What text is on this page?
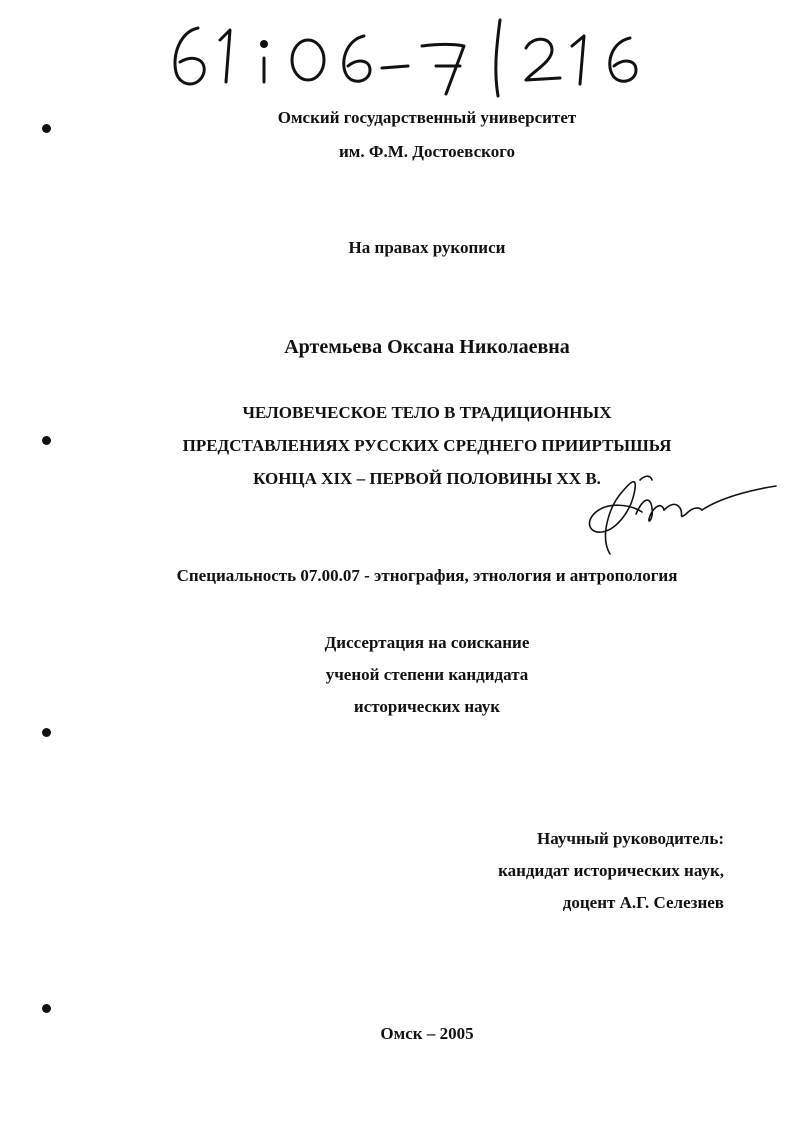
Омский государственный университет
им. Ф.М. Достоевского
На правах рукописи
Артемьева Оксана Николаевна
ЧЕЛОВЕЧЕСКОЕ ТЕЛО В ТРАДИЦИОННЫХ
ПРЕДСТАВЛЕНИЯХ РУССКИХ СРЕДНЕГО ПРИИРТЫШЬЯ
КОНЦА XIX – ПЕРВОЙ ПОЛОВИНЫ XX В.
Специальность 07.00.07 - этнография, этнология и антропология
Диссертация на соискание
ученой степени кандидата
исторических наук
Научный руководитель:
кандидат исторических наук,
доцент А.Г. Селезнев
Омск – 2005
